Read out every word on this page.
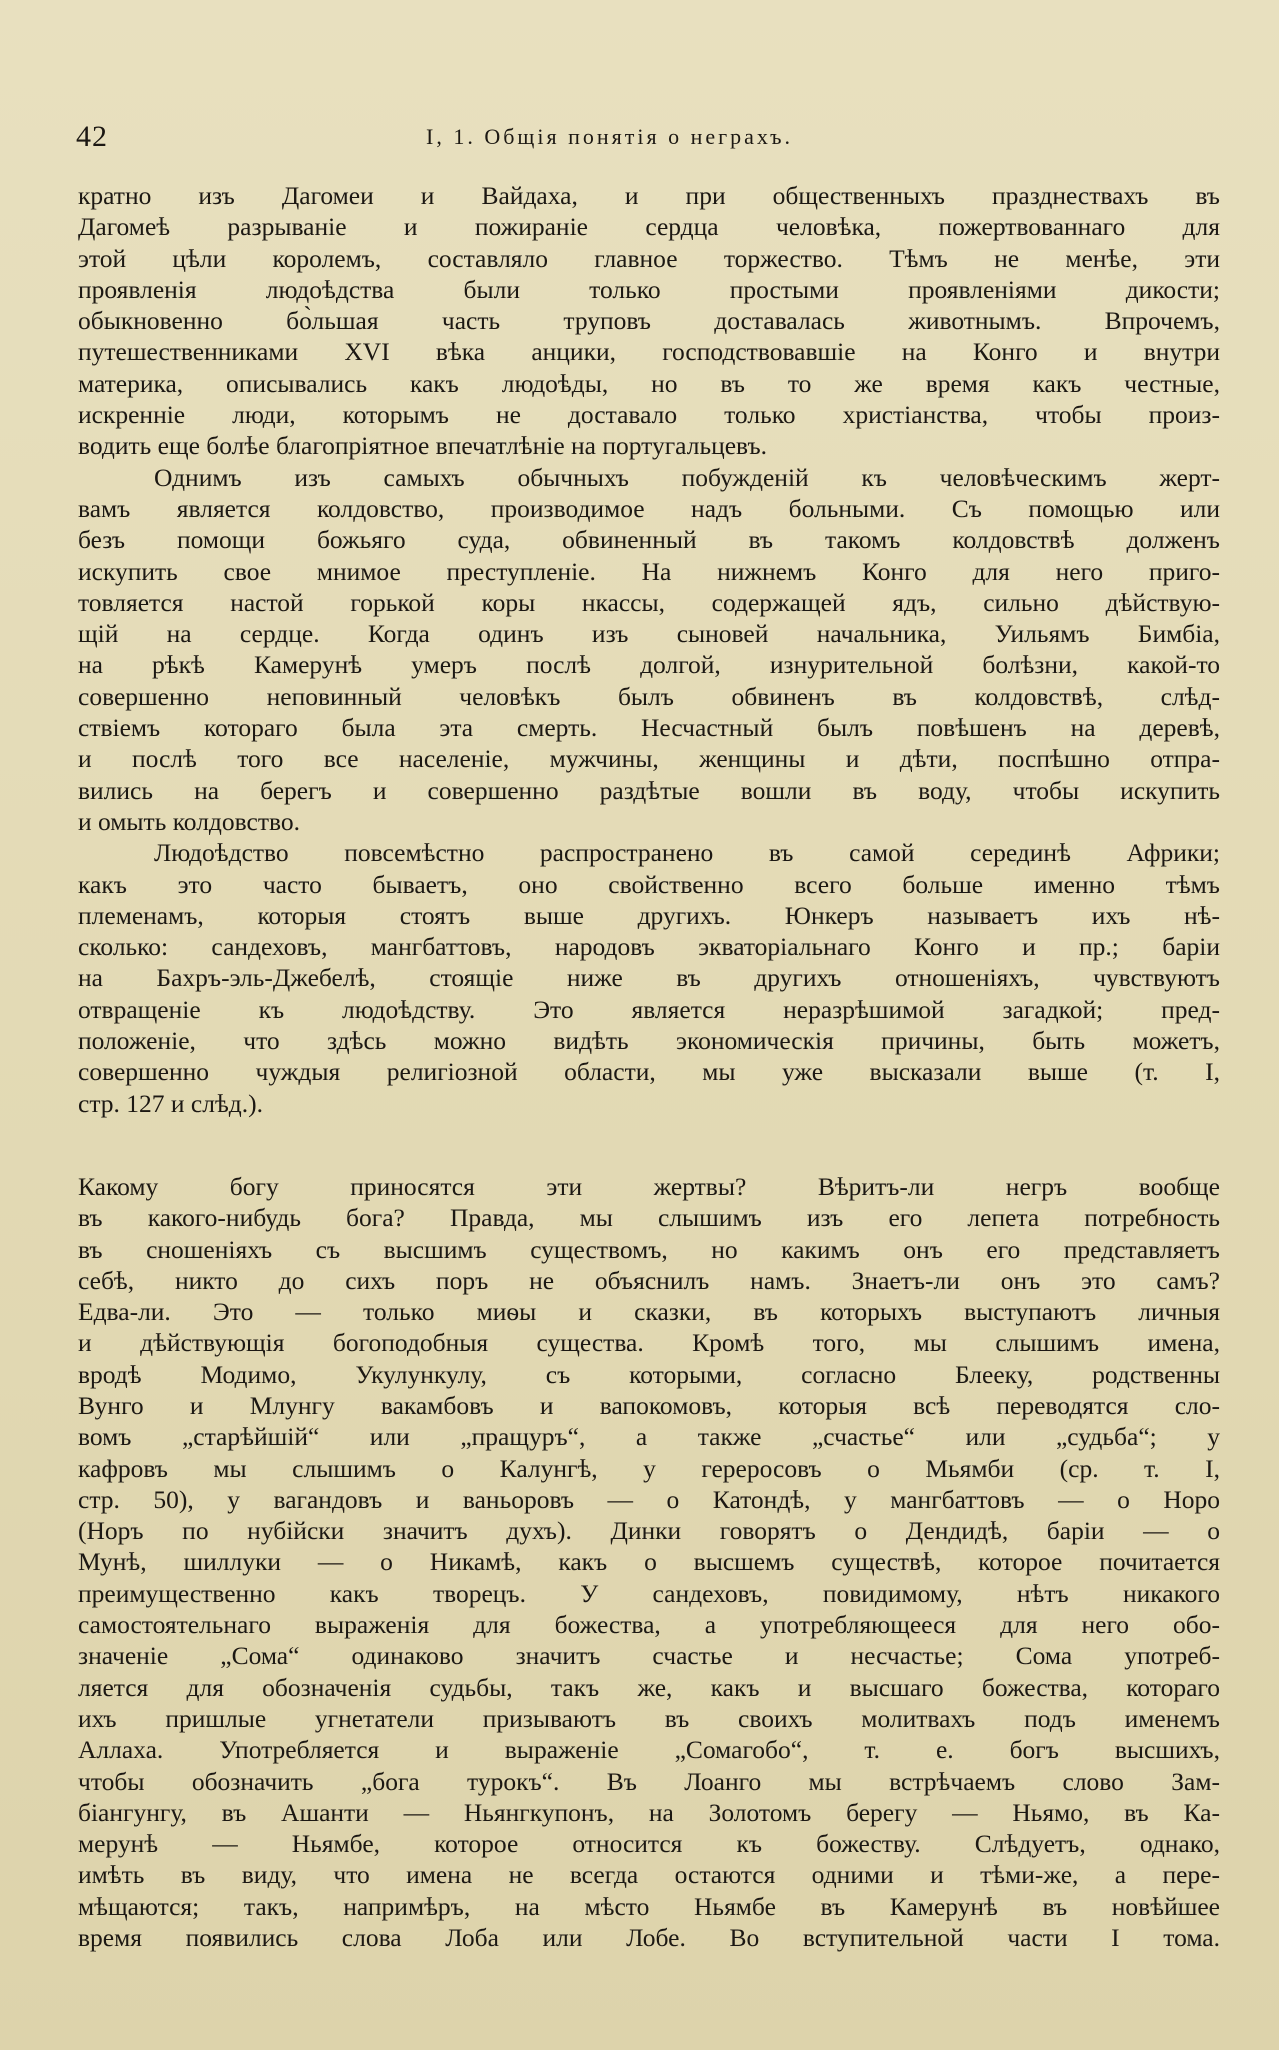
42	I, 1. Общія понятія о неграхъ.
кратно изъ Дагомеи и Вайдаха, и при общественныхъ празднествахъ въ
Дагомеѣ разрываніе и пожираніе сердца человѣка, пожертвованнаго для
этой цѣли королемъ, составляло главное торжество. Тѣмъ не менѣе, эти
проявленія людоѣдства были только простыми проявленіями дикости;
обыкновенно бо̀льшая часть труповъ доставалась животнымъ. Впрочемъ,
путешественниками XVI вѣка анцики, господствовавшіе на Конго и внутри
материка, описывались какъ людоѣды, но въ то же время какъ честные,
искренніе люди, которымъ не доставало только христіанства, чтобы произ-
водить еще болѣе благопріятное впечатлѣніе на португальцевъ.
Однимъ изъ самыхъ обычныхъ побужденій къ человѣческимъ жерт-
вамъ является колдовство, производимое надъ больными. Съ помощью или
безъ помощи божьяго суда, обвиненный въ такомъ колдовствѣ долженъ
искупить свое мнимое преступленіе. На нижнемъ Конго для него приго-
товляется настой горькой коры нкассы, содержащей ядъ, сильно дѣйствую-
щій на сердце. Когда одинъ изъ сыновей начальника, Уильямъ Бимбіа,
на рѣкѣ Камерунѣ умеръ послѣ долгой, изнурительной болѣзни, какой-то
совершенно неповинный человѣкъ былъ обвиненъ въ колдовствѣ, слѣд-
ствіемъ котораго была эта смерть. Несчастный былъ повѣшенъ на деревѣ,
и послѣ того все населеніе, мужчины, женщины и дѣти, поспѣшно отпра-
вились на берегъ и совершенно раздѣтые вошли въ воду, чтобы искупить
и омыть колдовство.
Людоѣдство повсемѣстно распространено въ самой серединѣ Африки;
какъ это часто бываетъ, оно свойственно всего больше именно тѣмъ
племенамъ, которыя стоятъ выше другихъ. Юнкеръ называетъ ихъ нѣ-
сколько: сандеховъ, мангбаттовъ, народовъ экваторіальнаго Конго и пр.; баріи
на Бахръ-эль-Джебелѣ, стоящіе ниже въ другихъ отношеніяхъ, чувствуютъ
отвращеніе къ людоѣдству. Это является неразрѣшимой загадкой; пред-
положеніе, что здѣсь можно видѣть экономическія причины, быть можетъ,
совершенно чуждыя религіозной области, мы уже высказали выше (т. I,
стр. 127 и слѣд.).
Какому богу приносятся эти жертвы? Вѣритъ-ли негръ вообще
въ какого-нибудь бога? Правда, мы слышимъ изъ его лепета потребность
въ сношеніяхъ съ высшимъ существомъ, но какимъ онъ его представляетъ
себѣ, никто до сихъ поръ не объяснилъ намъ. Знаетъ-ли онъ это самъ?
Едва-ли. Это — только миѳы и сказки, въ которыхъ выступаютъ личныя
и дѣйствующія богоподобныя существа. Кромѣ того, мы слышимъ имена,
вродѣ Модимо, Укулункулу, съ которыми, согласно Блееку, родственны
Вунго и Млунгу вакамбовъ и вапокомовъ, которыя всѣ переводятся сло-
вомъ „старѣйшій“ или „пращуръ“, а также „счастье“ или „судьба“; у
кафровъ мы слышимъ о Калунгѣ, у гереросовъ о Мьямби (ср. т. I,
стр. 50), у вагандовъ и ваньоровъ — о Катондѣ, у мангбаттовъ — о Норо
(Норъ по нубійски значитъ духъ). Динки говорятъ о Дендидѣ, баріи — о
Мунѣ, шиллуки — о Никамѣ, какъ о высшемъ существѣ, которое почитается
преимущественно какъ творецъ. У сандеховъ, повидимому, нѣтъ никакого
самостоятельнаго выраженія для божества, а употребляющееся для него обо-
значеніе „Сома“ одинаково значитъ счастье и несчастье; Сома употреб-
ляется для обозначенія судьбы, такъ же, какъ и высшаго божества, котораго
ихъ пришлые угнетатели призываютъ въ своихъ молитвахъ подъ именемъ
Аллаха. Употребляется и выраженіе „Сомагобо“, т. е. богъ высшихъ,
чтобы обозначить „бога турокъ“. Въ Лоанго мы встрѣчаемъ слово Зам-
біангунгу, въ Ашанти — Ньянгкупонъ, на Золотомъ берегу — Ньямо, въ Ка-
мерунѣ — Ньямбе, которое относится къ божеству. Слѣдуетъ, однако,
имѣть въ виду, что имена не всегда остаются одними и тѣми-же, а пере-
мѣщаются; такъ, напримѣръ, на мѣсто Ньямбе въ Камерунѣ въ новѣйшее
время появились слова Лоба или Лобе. Во вступительной части I тома.
